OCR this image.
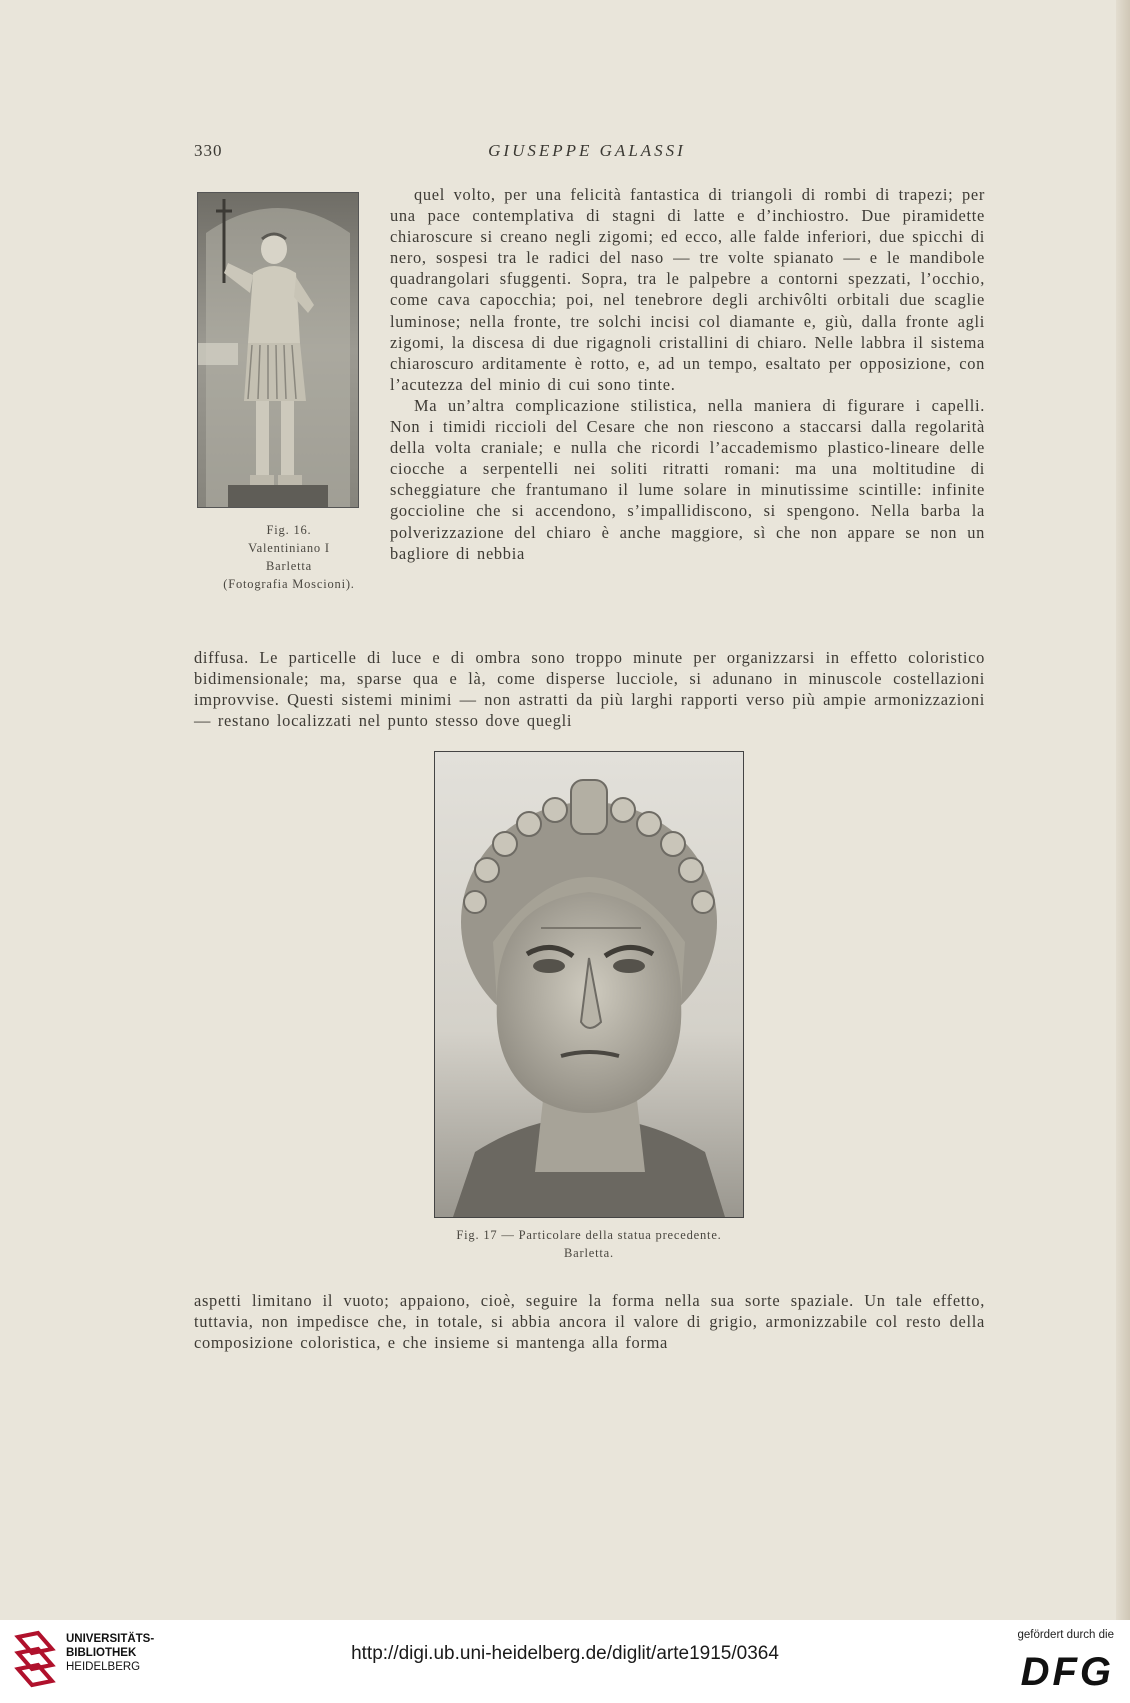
330	GIUSEPPE GALASSI
Fig. 16.
Valentiniano I
Barletta
(Fotografia Moscioni).

quel volto, per una felicità fantastica di triangoli di rombi di trapezi; per una pace contemplativa di stagni di latte e d’inchiostro. Due piramidette chiaroscure si creano negli zigomi; ed ecco, alle falde inferiori, due spicchi di nero, sospesi tra le radici del naso — tre volte spianato — e le mandibole quadrangolari sfuggenti. Sopra, tra le palpebre a contorni spezzati, l’occhio, come cava capocchia; poi, nel tenebrore degli archivôlti orbitali due scaglie luminose; nella fronte, tre solchi incisi col diamante e, giù, dalla fronte agli zigomi, la discesa di due rigagnoli cristallini di chiaro. Nelle labbra il sistema chiaroscuro arditamente è rotto, e, ad un tempo, esaltato per opposizione, con l’acutezza del minio di cui sono tinte.
Ma un’altra complicazione stilistica, nella maniera di figurare i capelli. Non i timidi riccioli del Cesare che non riescono a staccarsi dalla regolarità della volta craniale; e nulla che ricordi l’accademismo plastico-lineare delle ciocche a serpentelli nei soliti ritratti romani: ma una moltitudine di scheggiature che frantumano il lume solare in minutissime scintille: infinite goccioline che si accendono, s’impallidiscono, si spengono. Nella barba la polverizzazione del chiaro è anche maggiore, sì che non appare se non un bagliore di nebbia

diffusa. Le particelle di luce e di ombra sono troppo minute per organizzarsi in effetto coloristico bidimensionale; ma, sparse qua e là, come disperse lucciole, si adunano in minuscole costellazioni improvvise. Questi sistemi minimi — non astratti da più larghi rapporti verso più ampie armonizzazioni — restano localizzati nel punto stesso dove quegli

Fig. 17 — Particolare della statua precedente.
Barletta.

aspetti limitano il vuoto; appaiono, cioè, seguire la forma nella sua sorte spaziale. Un tale effetto, tuttavia, non impedisce che, in totale, si abbia ancora il valore di grigio, armonizzabile col resto della composizione coloristica, e che insieme si mantenga alla forma

UNIVERSITÄTS-
BIBLIOTHEK
HEIDELBERG
http://digi.ub.uni-heidelberg.de/diglit/arte1915/0364
gefördert durch die
DFG
